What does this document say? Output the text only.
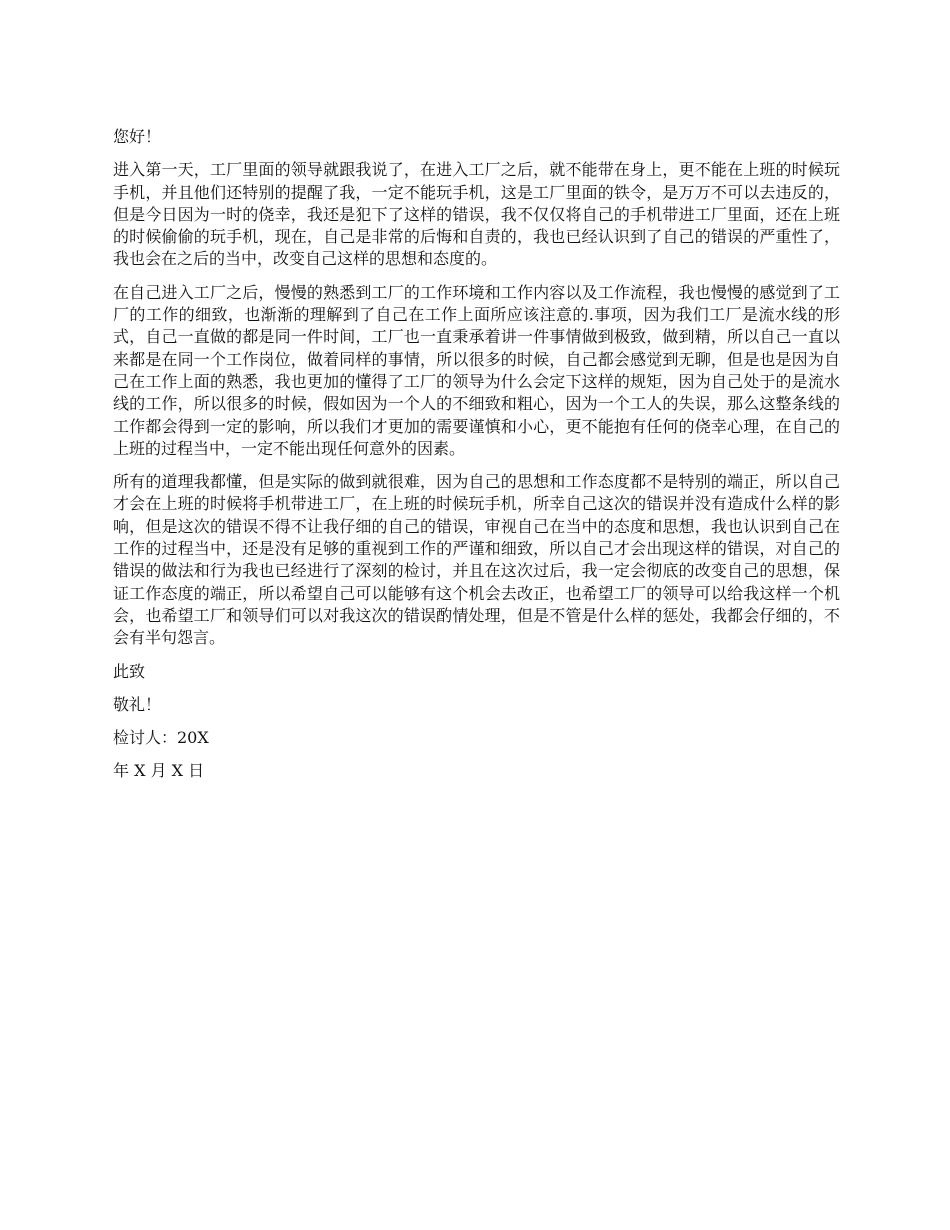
您好！

进入第一天，工厂里面的领导就跟我说了，在进入工厂之后，就不能带在身上，更不能在上班的时候玩手机，并且他们还特别的提醒了我，一定不能玩手机，这是工厂里面的铁令，是万万不可以去违反的，但是今日因为一时的侥幸，我还是犯下了这样的错误，我不仅仅将自己的手机带进工厂里面，还在上班的时候偷偷的玩手机，现在，自己是非常的后悔和自责的，我也已经认识到了自己的错误的严重性了，我也会在之后的当中，改变自己这样的思想和态度的。

在自己进入工厂之后，慢慢的熟悉到工厂的工作环境和工作内容以及工作流程，我也慢慢的感觉到了工厂的工作的细致，也渐渐的理解到了自己在工作上面所应该注意的.事项，因为我们工厂是流水线的形式，自己一直做的都是同一件时间，工厂也一直秉承着讲一件事情做到极致，做到精，所以自己一直以来都是在同一个工作岗位，做着同样的事情，所以很多的时候，自己都会感觉到无聊，但是也是因为自己在工作上面的熟悉，我也更加的懂得了工厂的领导为什么会定下这样的规矩，因为自己处于的是流水线的工作，所以很多的时候，假如因为一个人的不细致和粗心，因为一个工人的失误，那么这整条线的工作都会得到一定的影响，所以我们才更加的需要谨慎和小心，更不能抱有任何的侥幸心理，在自己的上班的过程当中，一定不能出现任何意外的因素。

所有的道理我都懂，但是实际的做到就很难，因为自己的思想和工作态度都不是特别的端正，所以自己才会在上班的时候将手机带进工厂，在上班的时候玩手机，所幸自己这次的错误并没有造成什么样的影响，但是这次的错误不得不让我仔细的自己的错误，审视自己在当中的态度和思想，我也认识到自己在工作的过程当中，还是没有足够的重视到工作的严谨和细致，所以自己才会出现这样的错误，对自己的错误的做法和行为我也已经进行了深刻的检讨，并且在这次过后，我一定会彻底的改变自己的思想，保证工作态度的端正，所以希望自己可以能够有这个机会去改正，也希望工厂的领导可以给我这样一个机会，也希望工厂和领导们可以对我这次的错误酌情处理，但是不管是什么样的惩处，我都会仔细的，不会有半句怨言。

此致

敬礼！

检讨人：20X

年 X 月 X 日
